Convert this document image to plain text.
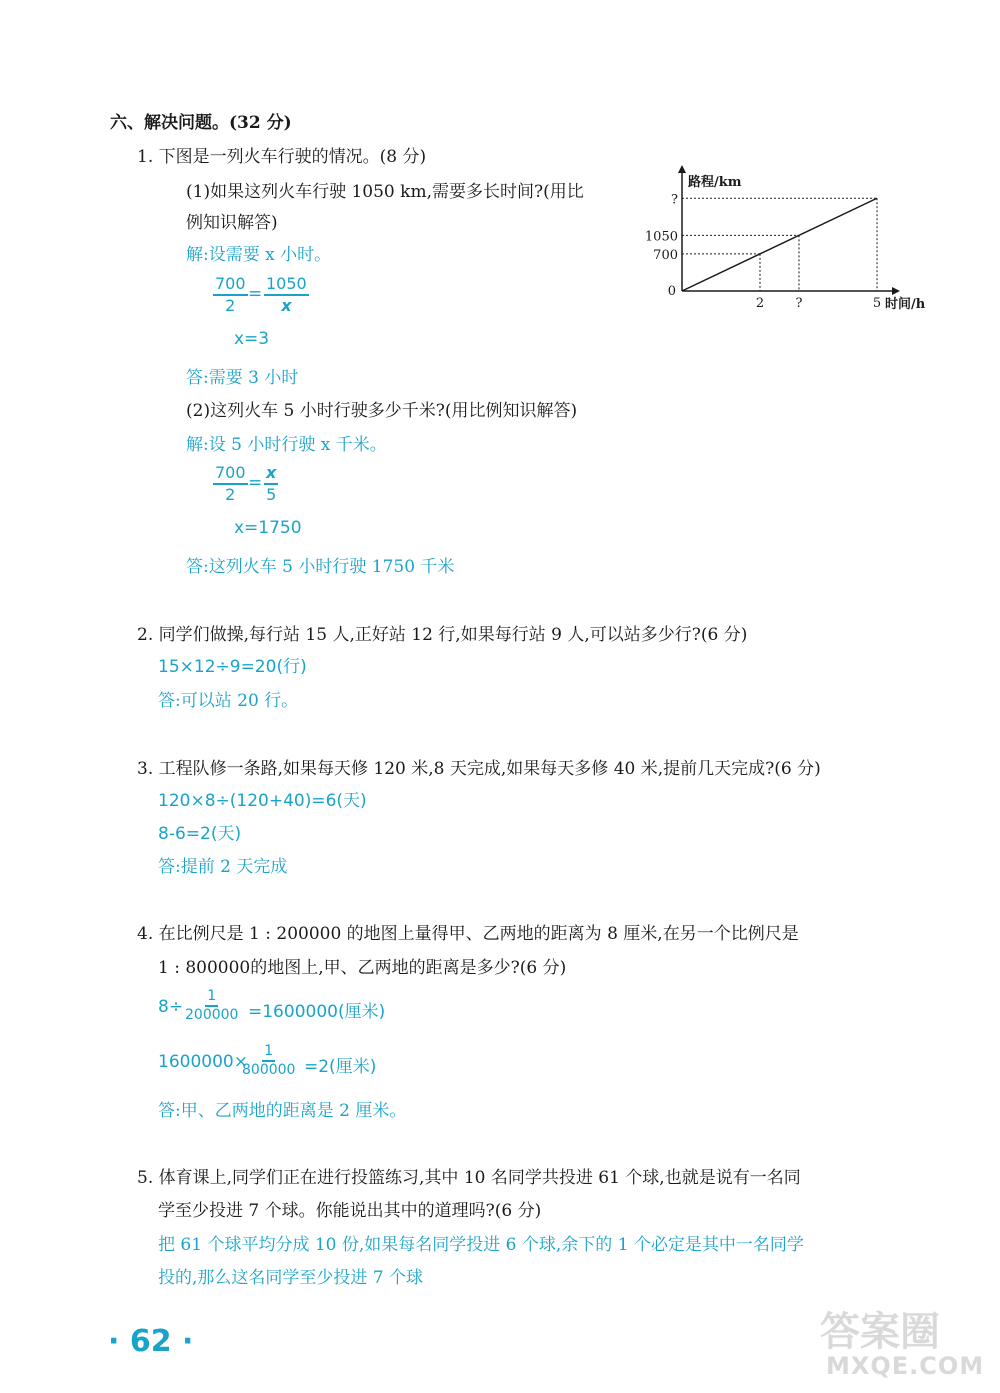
六、解决问题。(32 分)
1. 下图是一列火车行驶的情况。(8 分)
(1)如果这列火车行驶 1050 km,需要多长时间?(用比
例知识解答)
解:设需要 x 小时。
$\frac{700}{2} = \frac{1050}{x}$
x=3
答:需要 3 小时
(2)这列火车 5 小时行驶多少千米?(用比例知识解答)
解:设 5 小时行驶 x 千米。
$\frac{700}{2} = \frac{x}{5}$
x=1750
答:这列火车 5 小时行驶 1750 千米
路程/km
时间/h
2
700
?
1050
5
?
0
2. 同学们做操,每行站 15 人,正好站 12 行,如果每行站 9 人,可以站多少行?(6 分)
15×12÷9=20(行)
答:可以站 20 行。
3. 工程队修一条路,如果每天修 120 米,8 天完成,如果每天多修 40 米,提前几天完成?(6 分)
120×8÷(120+40)=6(天)
8-6=2(天)
答:提前 2 天完成
4. 在比例尺是 1 : 200000 的地图上量得甲、乙两地的距离为 8 厘米,在另一个比例尺是
1 : 800000的地图上,甲、乙两地的距离是多少?(6 分)
$8\div \frac{1}{200000} =1600000$(厘米)
1600000×
$\frac{1}{800000} =2$(厘米)
答:甲、乙两地的距离是 2 厘米。
5. 体育课上,同学们正在进行投篮练习,其中 10 名同学共投进 61 个球,也就是说有一名同
学至少投进 7 个球。你能说出其中的道理吗?(6 分)
把 61 个球平均分成 10 份,如果每名同学投进 6 个球,余下的 1 个必定是其中一名同学
投的,那么这名同学至少投进 7 个球
· 62 ·	答案圈
MXQE.COM
